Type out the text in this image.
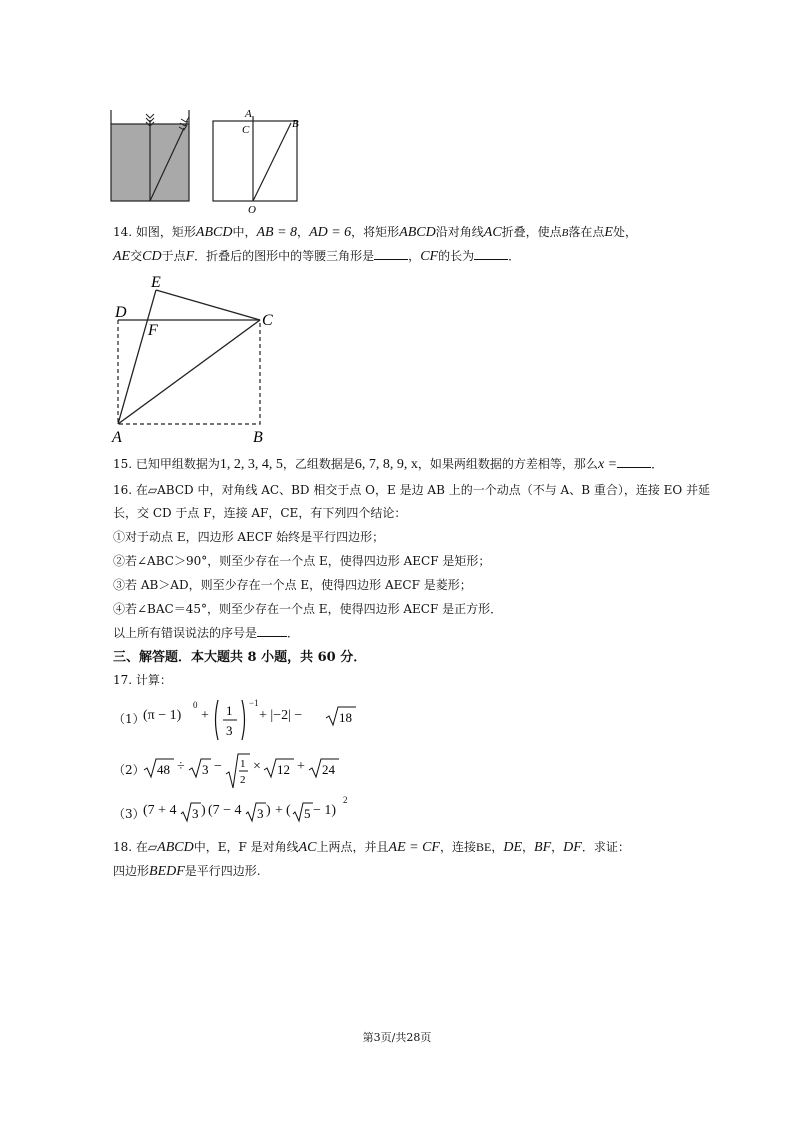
A
C	B
O
14. 如图，矩形ABCD中，AB = 8，AD = 6，将矩形ABCD沿对角线AC折叠，使点B落在点E处，
AE交CD于点F．折叠后的图形中的等腰三角形是	，CF的长为	．
E
D
F
C
A	B
15. 已知甲组数据为1, 2, 3, 4, 5，乙组数据是6, 7, 8, 9, x，如果两组数据的方差相等，那么x =	．
16. 在▱ABCD 中，对角线 AC、BD 相交于点 O，E 是边 AB 上的一个动点（不与 A、B 重合），连接 EO 并延
长，交 CD 于点 F，连接 AF，CE，有下列四个结论：
①对于动点 E，四边形 AECF 始终是平行四边形；
②若∠ABC＞90°，则至少存在一个点 E，使得四边形 AECF 是矩形；
③若 AB＞AD，则至少存在一个点 E，使得四边形 AECF 是菱形；
④若∠BAC＝45°，则至少存在一个点 E，使得四边形 AECF 是正方形．
以上所有错误说法的序号是	．
三、解答题．本大题共 8 小题，共 60 分．
17. 计算：
（1）
(π − 1)
0
+ 1
3
−1
+ |−2| −	18
（2） 48 ÷ 3 − 1
2
× 12 + 24
（3）
(7 + 4 3 ) (7 − 4 3 ) + ( 5 − 1)
2
18. 在▱ABCD中，E，F 是对角线AC上两点，并且AE = CF，连接BE，DE，BF，DF．求证：
四边形BEDF是平行四边形.
第3页/共28页
